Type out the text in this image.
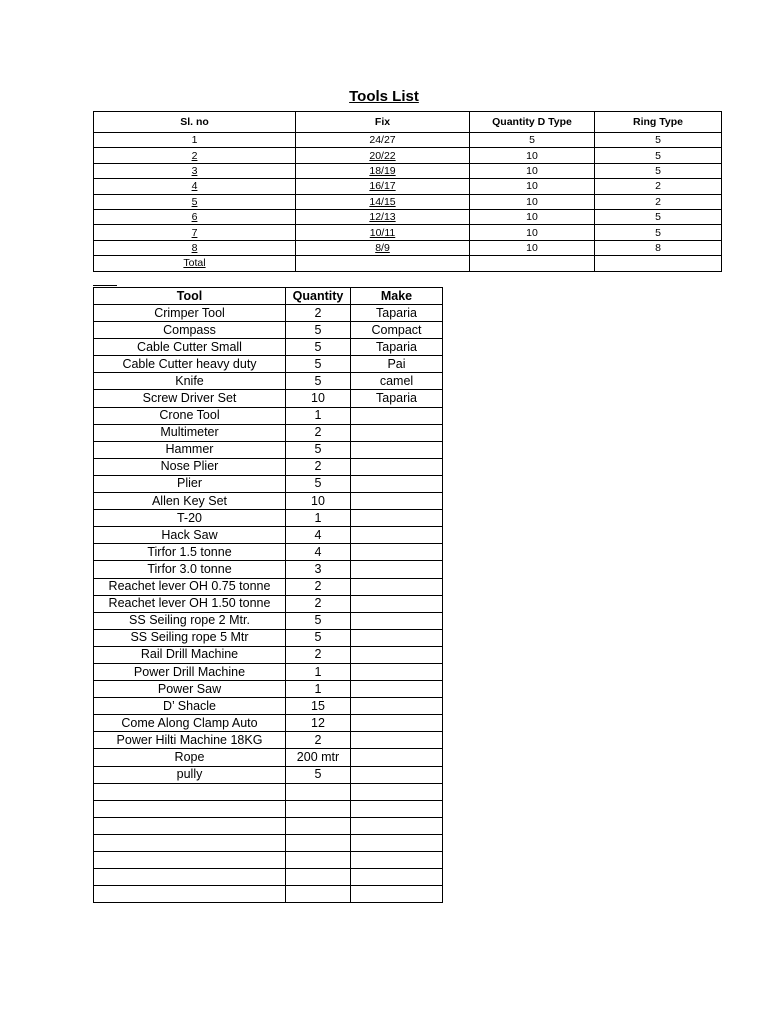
Tools List
Sl. no	Fix	Quantity D Type	Ring Type
1	24/27	5	5
2	20/22	10	5
3	18/19	10	5
4	16/17	10	2
5	14/15	10	2
6	12/13	10	5
7	10/11	10	5
8	8/9	10	8
Total			
Tool	Quantity	Make
Crimper Tool	2	Taparia
Compass	5	Compact
Cable Cutter Small	5	Taparia
Cable Cutter heavy duty	5	Pai
Knife	5	camel
Screw Driver Set	10	Taparia
Crone Tool	1	
Multimeter	2	
Hammer	5	
Nose Plier	2	
Plier	5	
Allen Key Set	10	
T-20	1	
Hack Saw	4	
Tirfor 1.5 tonne	4	
Tirfor 3.0 tonne	3	
Reachet lever OH 0.75 tonne	2	
Reachet lever OH 1.50 tonne	2	
SS Seiling rope 2 Mtr.	5	
SS Seiling rope 5 Mtr	5	
Rail Drill Machine	2	
Power Drill Machine	1	
Power Saw	1	
D’ Shacle	15	
Come Along Clamp Auto	12	
Power Hilti Machine 18KG	2	
Rope	200 mtr	
pully	5	
